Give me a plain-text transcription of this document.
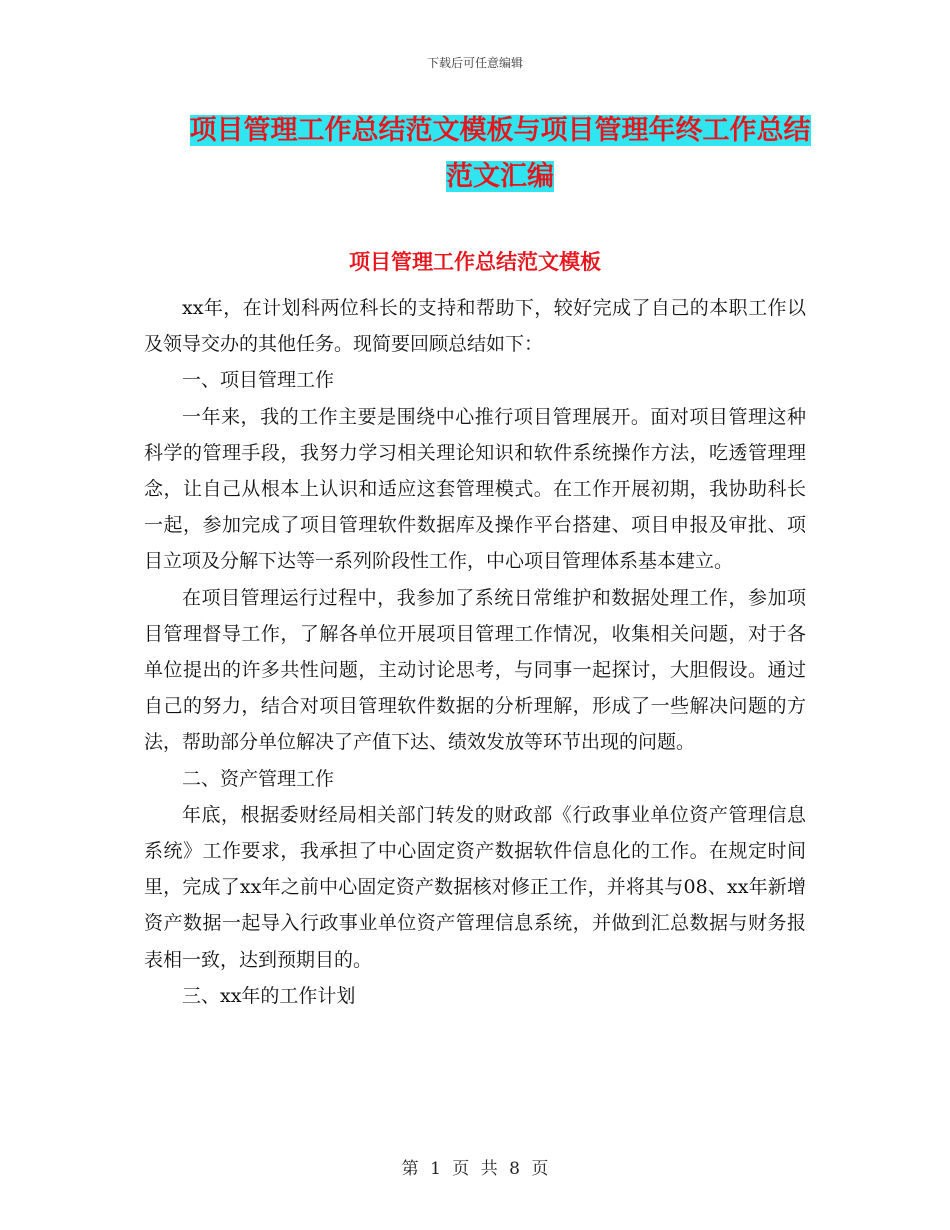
下载后可任意编辑
项目管理工作总结范文模板与项目管理年终工作总结
范文汇编
项目管理工作总结范文模板

xx年，在计划科两位科长的支持和帮助下，较好完成了自己的本职工作以及领导交办的其他任务。现简要回顾总结如下：

一、项目管理工作

一年来，我的工作主要是围绕中心推行项目管理展开。面对项目管理这种科学的管理手段，我努力学习相关理论知识和软件系统操作方法，吃透管理理念，让自己从根本上认识和适应这套管理模式。在工作开展初期，我协助科长一起，参加完成了项目管理软件数据库及操作平台搭建、项目申报及审批、项目立项及分解下达等一系列阶段性工作，中心项目管理体系基本建立。

在项目管理运行过程中，我参加了系统日常维护和数据处理工作，参加项目管理督导工作，了解各单位开展项目管理工作情况，收集相关问题，对于各单位提出的许多共性问题，主动讨论思考，与同事一起探讨，大胆假设。通过自己的努力，结合对项目管理软件数据的分析理解，形成了一些解决问题的方法，帮助部分单位解决了产值下达、绩效发放等环节出现的问题。

二、资产管理工作

年底，根据委财经局相关部门转发的财政部《行政事业单位资产管理信息系统》工作要求，我承担了中心固定资产数据软件信息化的工作。在规定时间里，完成了xx年之前中心固定资产数据核对修正工作，并将其与08、xx年新增资产数据一起导入行政事业单位资产管理信息系统，并做到汇总数据与财务报表相一致，达到预期目的。

三、xx年的工作计划

第 1 页 共 8 页
